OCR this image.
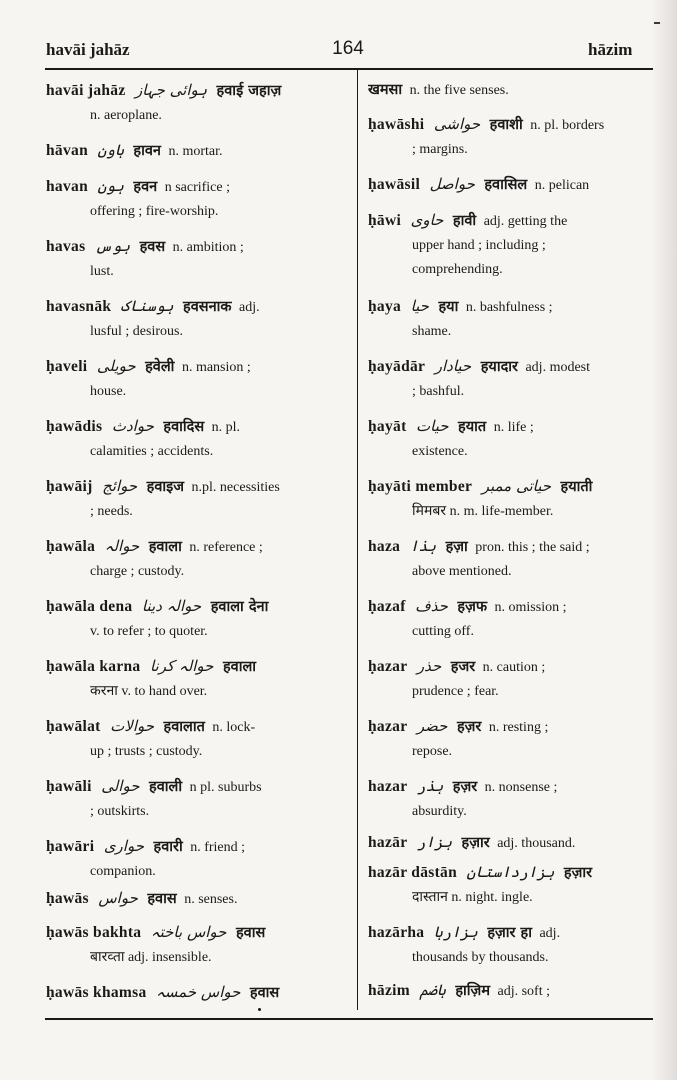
havāi jahāz	164	hāzim
havāi jahāz ہوائی جہاز हवाई जहाज़
n. aeroplane.
hāvan ہاون हावन n. mortar.
havan ہون हवन n sacrifice ;
offering ; fire-worship.
havas ہوس हवस n. ambition ;
lust.
havasnāk ہوسناک हवसनाक adj.
lusful ; desirous.
ḥaveli حویلی हवेली n. mansion ;
house.
ḥawādis حوادث हवादिस n. pl.
calamities ; accidents.
ḥawāij حوائج हवाइज n.pl. necessities
; needs.
ḥawāla حوالہ हवाला n. reference ;
charge ; custody.
ḥawāla dena حوالہ دینا हवाला देना
v. to refer ; to quoter.
ḥawāla karna حوالہ کرنا हवाला
करना v. to hand over.
ḥawālat حوالات हवालात n. lock-
up ; trusts ; custody.
ḥawāli حوالی हवाली n pl. suburbs
; outskirts.
ḥawāri حواری हवारी n. friend ;
companion.
ḥawās حواس हवास n. senses.
ḥawās bakhta حواس باختہ हवास
बारव्ता adj. insensible.
ḥawās khamsa حواس خمسہ हवास
खमसा n. the five senses.
ḥawāshi حواشی हवाशी n. pl. borders
; margins.
ḥawāsil حواصل हवासिल n. pelican
ḥāwi حاوی हावी adj. getting the
upper hand ; including ;
comprehending.
ḥaya حیا हया n. bashfulness ;
shame.
ḥayādār حیادار हयादार adj. modest
; bashful.
ḥayāt حیات हयात n. life ;
existence.
ḥayāti member حیاتی ممبر हयाती
मिमबर n. m. life-member.
haza ہذا हज़ा pron. this ; the said ;
above mentioned.
ḥazaf حذف हज़फ n. omission ;
cutting off.
ḥazar حذر हजर n. caution ;
prudence ; fear.
ḥazar حضر हज़र n. resting ;
repose.
hazar ہذر हज़र n. nonsense ;
absurdity.
hazār ہزار हज़ार adj. thousand.
hazār dāstān ہزارداستان हज़ार
दास्तान n. night. ingle.
hazārha ہزارہا हज़ार हा adj.
thousands by thousands.
hāzim ہاضم हाज़िम adj. soft ;
